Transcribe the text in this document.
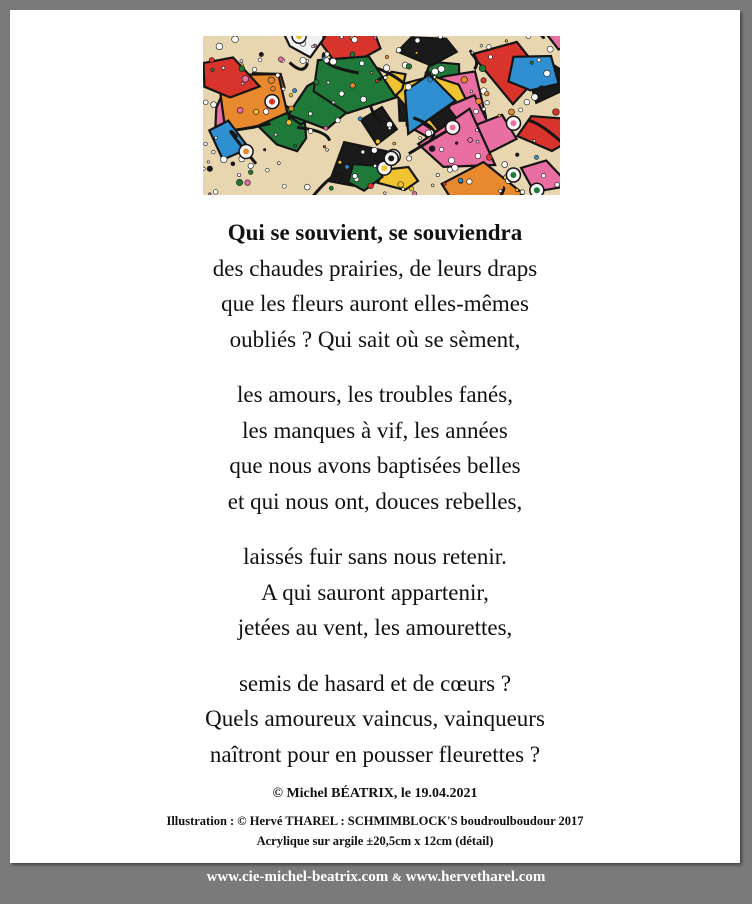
Qui se souvient, se souviendra
des chaudes prairies, de leurs draps
que les fleurs auront elles-mêmes
oubliés ? Qui sait où se sèment,
les amours, les troubles fanés,
les manques à vif, les années
que nous avons baptisées belles
et qui nous ont, douces rebelles,
laissés fuir sans nous retenir.
A qui sauront appartenir,
jetées au vent, les amourettes,
semis de hasard et de cœurs ?
Quels amoureux vaincus, vainqueurs
naîtront pour en pousser fleurettes ?
© Michel BÉATRIX, le 19.04.2021
Illustration : © Hervé THAREL : SCHMIMBLOCK'S boudroulboudour 2017
Acrylique sur argile ±20,5cm x 12cm (détail)
www.cie-michel-beatrix.com & www.hervetharel.com
